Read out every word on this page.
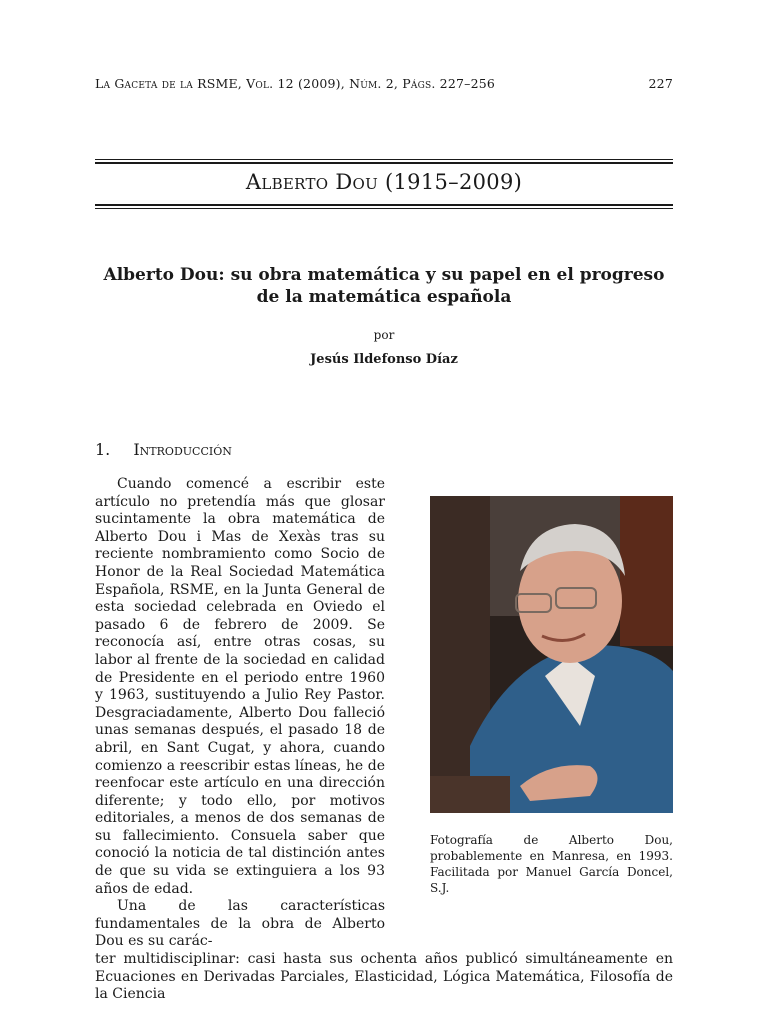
La Gaceta de la RSME, Vol. 12 (2009), Núm. 2, Págs. 227–256	227
Alberto Dou (1915–2009)
Alberto Dou: su obra matemática y su papel en el progreso
de la matemática española
por
Jesús Ildefonso Díaz
1. Introducción

Cuando comencé a escribir este artículo no pretendía más que glosar sucintamente la obra matemática de Alberto Dou i Mas de Xexàs tras su reciente nombramiento como Socio de Honor de la Real Sociedad Matemática Española, RSME, en la Junta General de esta sociedad celebrada en Oviedo el pasado 6 de febrero de 2009. Se reconocía así, entre otras cosas, su labor al frente de la sociedad en calidad de Presidente en el periodo entre 1960 y 1963, sustituyendo a Julio Rey Pastor. Desgraciadamente, Alberto Dou falleció unas semanas después, el pasado 18 de abril, en Sant Cugat, y ahora, cuando comienzo a reescribir estas líneas, he de reenfocar este artículo en una dirección diferente; y todo ello, por motivos editoriales, a menos de dos semanas de su fallecimiento. Consuela saber que conoció la noticia de tal distinción antes de que su vida se extinguiera a los 93 años de edad.

Una de las características fundamentales de la obra de Alberto Dou es su carác-

ter multidisciplinar: casi hasta sus ochenta años publicó simultáneamente en Ecuaciones en Derivadas Parciales, Elasticidad, Lógica Matemática, Filosofía de la Ciencia
Fotografía de Alberto Dou, probablemente en Manresa, en 1993. Facilitada por Manuel García Doncel, S.J.
